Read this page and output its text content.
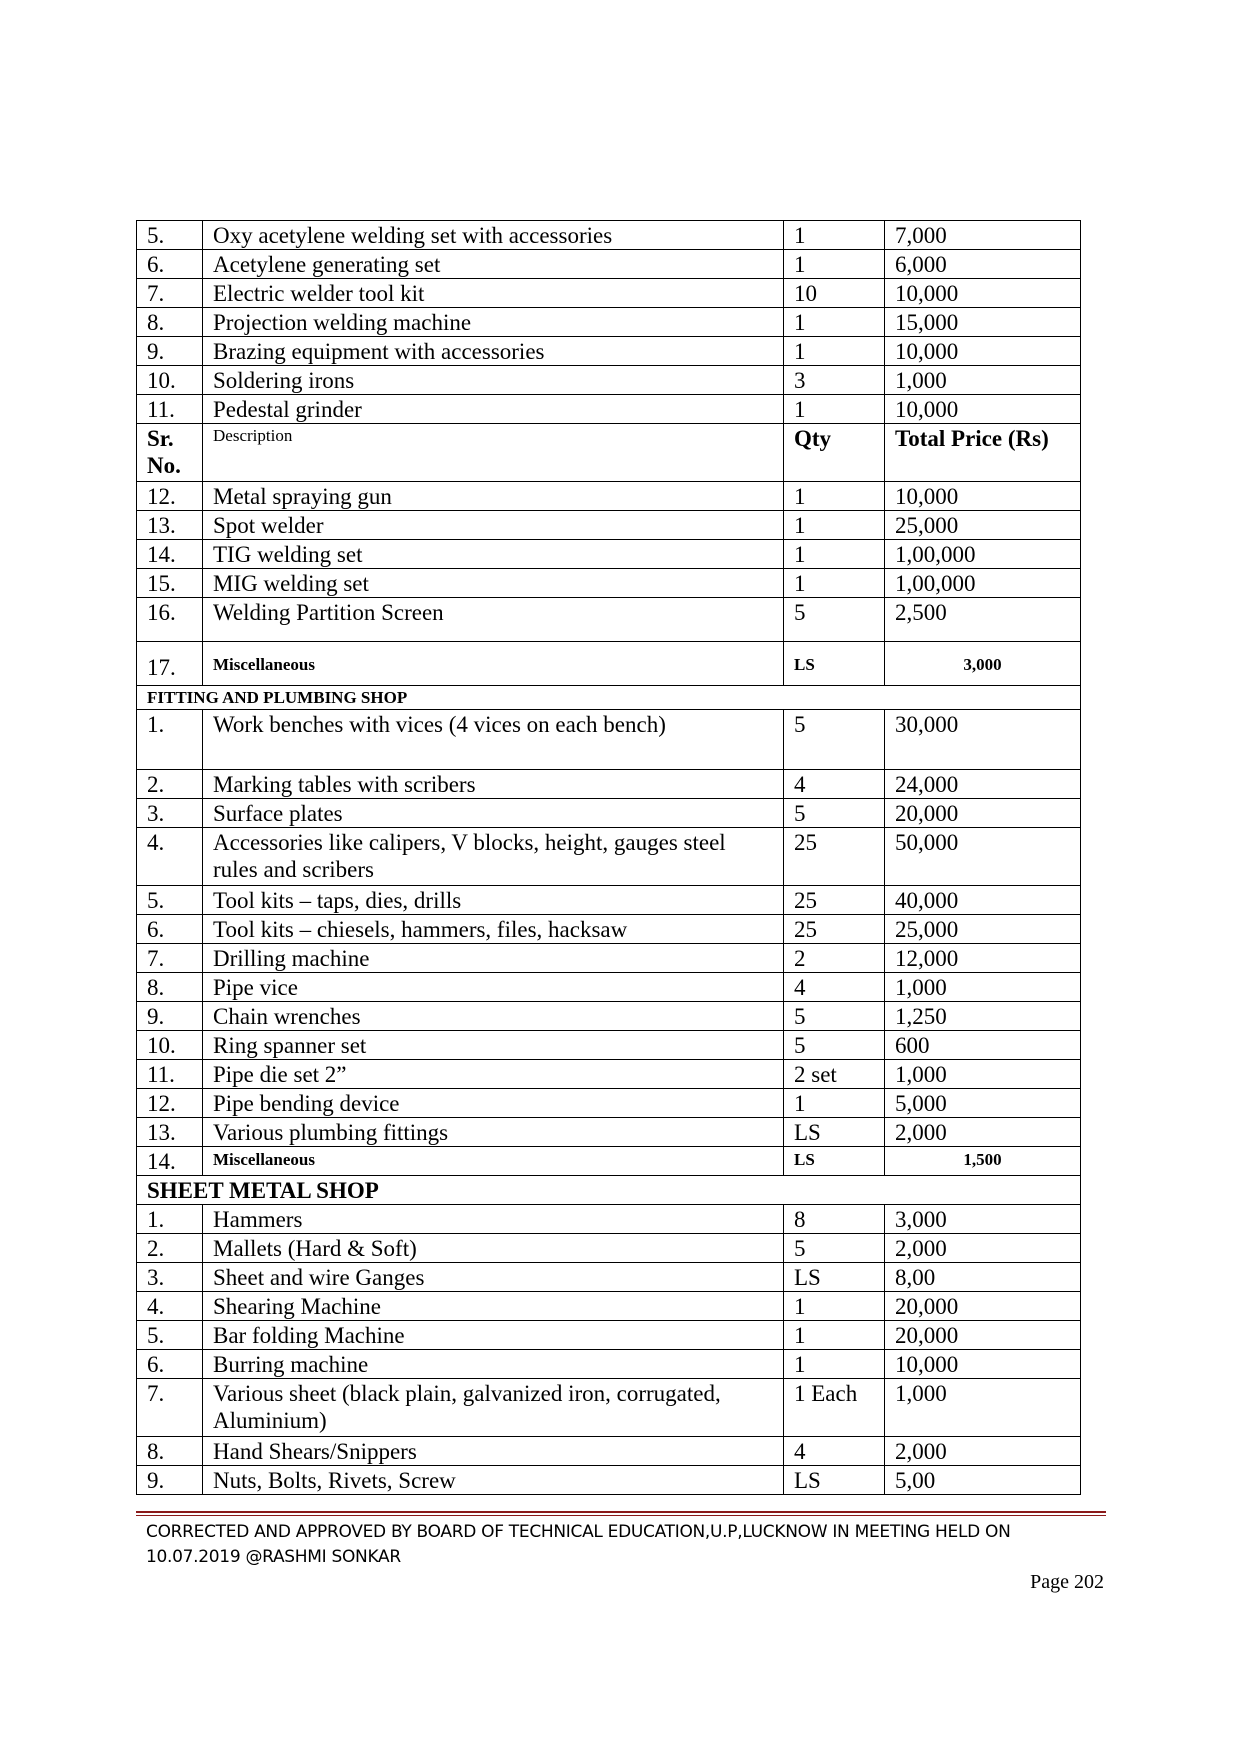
5.	Oxy acetylene welding set with accessories	1	7,000
6.	Acetylene generating set	1	6,000
7.	Electric welder tool kit	10	10,000
8.	Projection welding machine	1	15,000
9.	Brazing equipment with accessories	1	10,000
10.	Soldering irons	3	1,000
11.	Pedestal grinder	1	10,000
Sr. No.	Description	Qty	Total Price (Rs)
12.	Metal spraying gun	1	10,000
13.	Spot welder	1	25,000
14.	TIG welding set	1	1,00,000
15.	MIG welding set	1	1,00,000
16.	Welding Partition Screen	5	2,500
17.	Miscellaneous	LS	3,000
FITTING AND PLUMBING SHOP			
1.	Work benches with vices (4 vices on each bench)	5	30,000
2.	Marking tables with scribers	4	24,000
3.	Surface plates	5	20,000
4.	Accessories like calipers, V blocks, height, gauges steel rules and scribers	25	50,000
5.	Tool kits – taps, dies, drills	25	40,000
6.	Tool kits – chiesels, hammers, files, hacksaw	25	25,000
7.	Drilling machine	2	12,000
8.	Pipe vice	4	1,000
9.	Chain wrenches	5	1,250
10.	Ring spanner set	5	600
11.	Pipe die set 2”	2 set	1,000
12.	Pipe bending device	1	5,000
13.	Various plumbing fittings	LS	2,000
14.	Miscellaneous	LS	1,500
SHEET METAL SHOP			
1.	Hammers	8	3,000
2.	Mallets (Hard & Soft)	5	2,000
3.	Sheet and wire Ganges	LS	8,00
4.	Shearing Machine	1	20,000
5.	Bar folding Machine	1	20,000
6.	Burring machine	1	10,000
7.	Various sheet (black plain, galvanized iron, corrugated, Aluminium)	1 Each	1,000
8.	Hand Shears/Snippers	4	2,000
9.	Nuts, Bolts, Rivets, Screw	LS	5,00
CORRECTED AND APPROVED BY BOARD OF TECHNICAL EDUCATION,U.P,LUCKNOW IN MEETING HELD ON
10.07.2019 @RASHMI SONKAR
Page 202
